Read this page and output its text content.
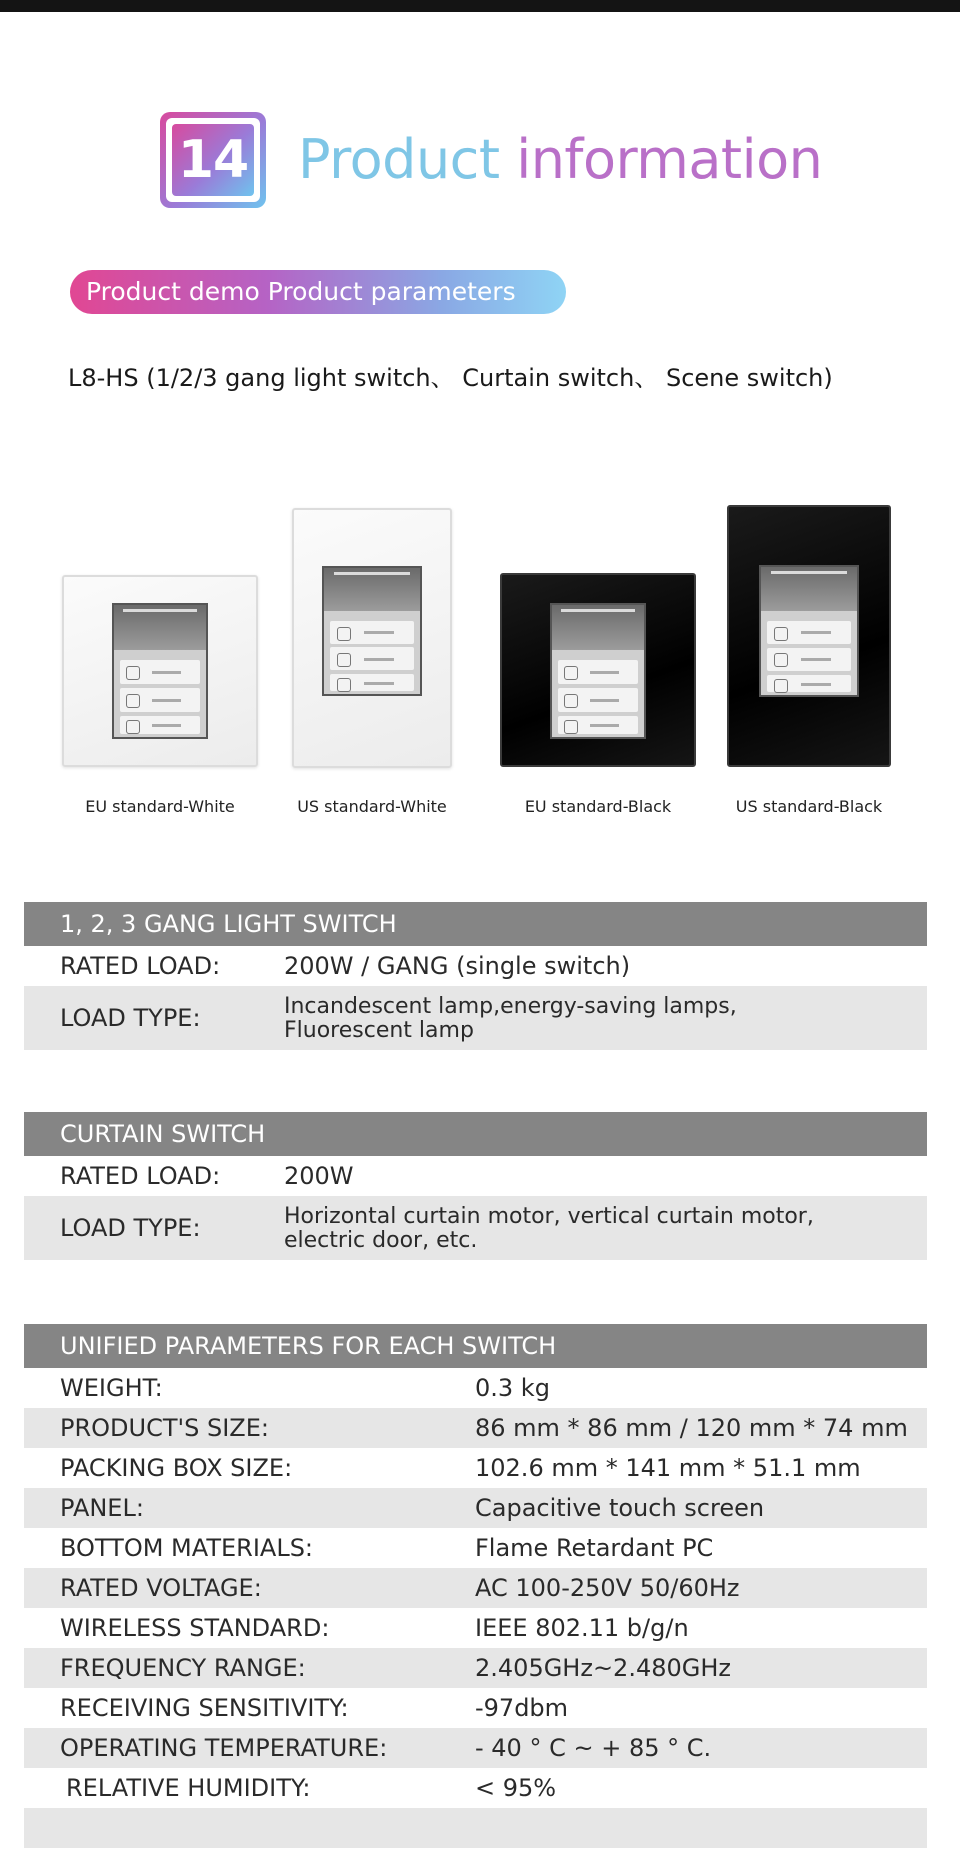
14 Product information
Product demo Product parameters
L8-HS (1/2/3 gang light switch、 Curtain switch、 Scene switch)
EU standard-White	US standard-White	EU standard-Black	US standard-Black
1, 2, 3 GANG LIGHT SWITCH
RATED LOAD:	200W / GANG (single switch)
LOAD TYPE:	Incandescent lamp,energy-saving lamps,
Fluorescent lamp
CURTAIN SWITCH
RATED LOAD:	200W
LOAD TYPE:	Horizontal curtain motor, vertical curtain motor,
electric door, etc.
UNIFIED PARAMETERS FOR EACH SWITCH
WEIGHT:	0.3 kg
PRODUCT'S SIZE:	86 mm * 86 mm / 120 mm * 74 mm
PACKING BOX SIZE:	102.6 mm * 141 mm * 51.1 mm
PANEL:	Capacitive touch screen
BOTTOM MATERIALS:	Flame Retardant PC
RATED VOLTAGE:	AC 100-250V 50/60Hz
WIRELESS STANDARD:	IEEE 802.11 b/g/n
FREQUENCY RANGE:	2.405GHz~2.480GHz
RECEIVING SENSITIVITY:	-97dbm
OPERATING TEMPERATURE:	- 40 ° C ~ + 85 ° C.
RELATIVE HUMIDITY:	< 95%
